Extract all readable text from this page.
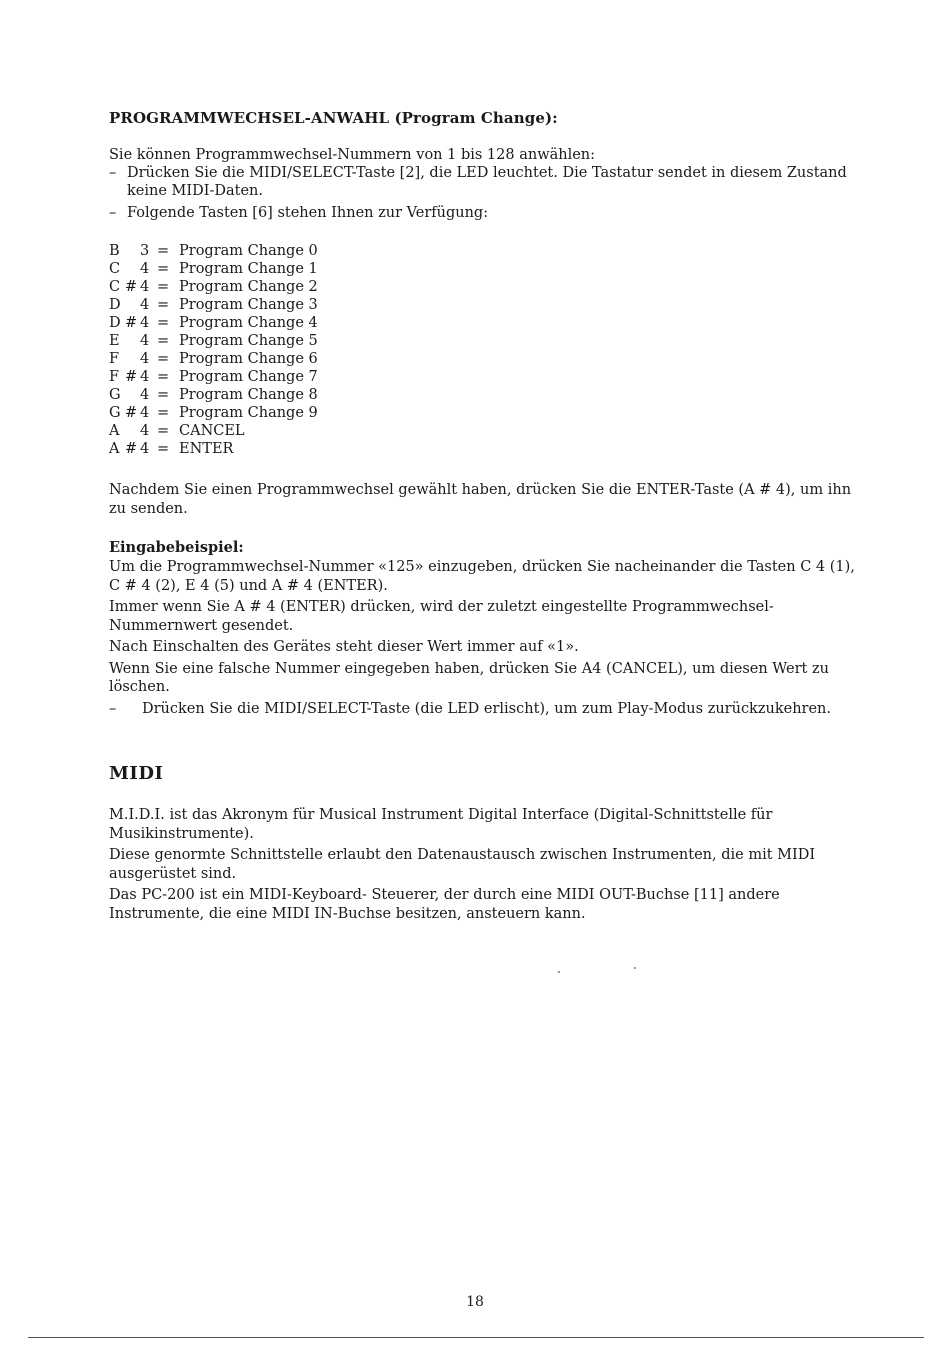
PROGRAMMWECHSEL-ANWAHL (Program Change):

Sie können Programmwechsel-Nummern von 1 bis 128 anwählen:

– Drücken Sie die MIDI/SELECT-Taste [2], die LED leuchtet. Die Tastatur sendet in diesem Zustand keine MIDI-Daten.

– Folgende Tasten [6] stehen Ihnen zur Verfügung:

B	3 = Program Change 0
C	4 = Program Change 1
C # 4 = Program Change 2
D	4 = Program Change 3
D # 4 = Program Change 4
E	4 = Program Change 5
F	4 = Program Change 6
F # 4 = Program Change 7
G	4 = Program Change 8
G # 4 = Program Change 9
A	4 = CANCEL
A # 4 = ENTER

Nachdem Sie einen Programmwechsel gewählt haben, drücken Sie die ENTER-Taste (A # 4), um ihn zu senden.

Eingabebeispiel:

Um die Programmwechsel-Nummer «125» einzugeben, drücken Sie nacheinander die Tasten C 4 (1), C # 4 (2), E 4 (5) und A # 4 (ENTER).

Immer wenn Sie A # 4 (ENTER) drücken, wird der zuletzt eingestellte Programmwechsel-Nummernwert gesendet.

Nach Einschalten des Gerätes steht dieser Wert immer auf «1».

Wenn Sie eine falsche Nummer eingegeben haben, drücken Sie A4 (CANCEL), um diesen Wert zu löschen.

– Drücken Sie die MIDI/SELECT-Taste (die LED erlischt), um zum Play-Modus zurückzukehren.

MIDI

M.I.D.I. ist das Akronym für Musical Instrument Digital Interface (Digital-Schnittstelle für Musikinstrumente).

Diese genormte Schnittstelle erlaubt den Datenaustausch zwischen Instrumenten, die mit MIDI ausgerüstet sind.

Das PC-200 ist ein MIDI-Keyboard- Steuerer, der durch eine MIDI OUT-Buchse [11] andere Instrumente, die eine MIDI IN-Buchse besitzen, ansteuern kann.

18
